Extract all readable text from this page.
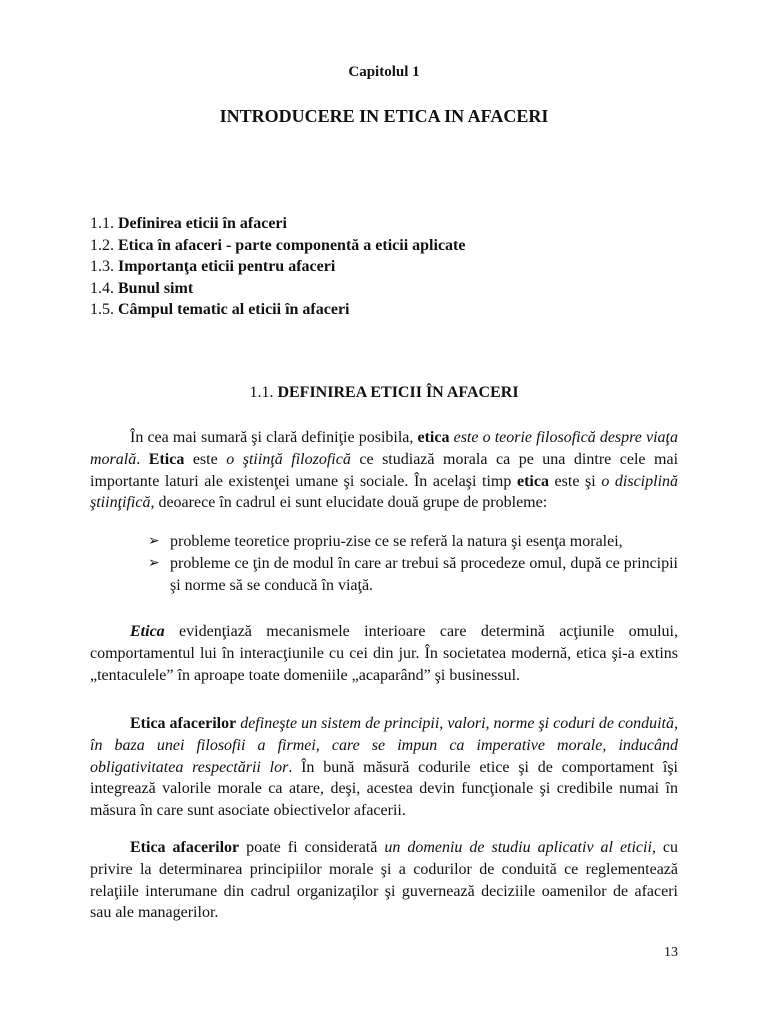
Capitolul 1
INTRODUCERE IN ETICA IN AFACERI
1.1. Definirea eticii în afaceri
1.2. Etica în afaceri - parte componentă a eticii aplicate
1.3. Importanţa eticii pentru afaceri
1.4. Bunul simt
1.5. Câmpul tematic al eticii în afaceri
1.1. DEFINIREA ETICII ÎN AFACERI
În cea mai sumară şi clară definiţie posibila, etica este o teorie filosofică despre viaţa morală. Etica este o ştiinţă filozofică ce studiază morala ca pe una dintre cele mai importante laturi ale existenţei umane şi sociale. În acelaşi timp etica este şi o disciplină ştiinţifică, deoarece în cadrul ei sunt elucidate două grupe de probleme:
➢ probleme teoretice propriu-zise ce se referă la natura şi esenţa moralei,
➢ probleme ce ţin de modul în care ar trebui să procedeze omul, după ce principii şi norme să se conducă în viaţă.
Etica evidenţiază mecanismele interioare care determină acţiunile omului, comportamentul lui în interacţiunile cu cei din jur. În societatea modernă, etica şi-a extins „tentaculele” în aproape toate domeniile „acaparând” şi businessul.
Etica afacerilor defineşte un sistem de principii, valori, norme şi coduri de conduită, în baza unei filosofii a firmei, care se impun ca imperative morale, inducând obligativitatea respectării lor. În bună măsură codurile etice şi de comportament îşi integrează valorile morale ca atare, deşi, acestea devin funcţionale şi credibile numai în măsura în care sunt asociate obiectivelor afacerii.
Etica afacerilor poate fi considerată un domeniu de studiu aplicativ al eticii, cu privire la determinarea principiilor morale şi a codurilor de conduită ce reglementează relaţiile interumane din cadrul organizaţilor şi guvernează deciziile oamenilor de afaceri sau ale managerilor.
13
